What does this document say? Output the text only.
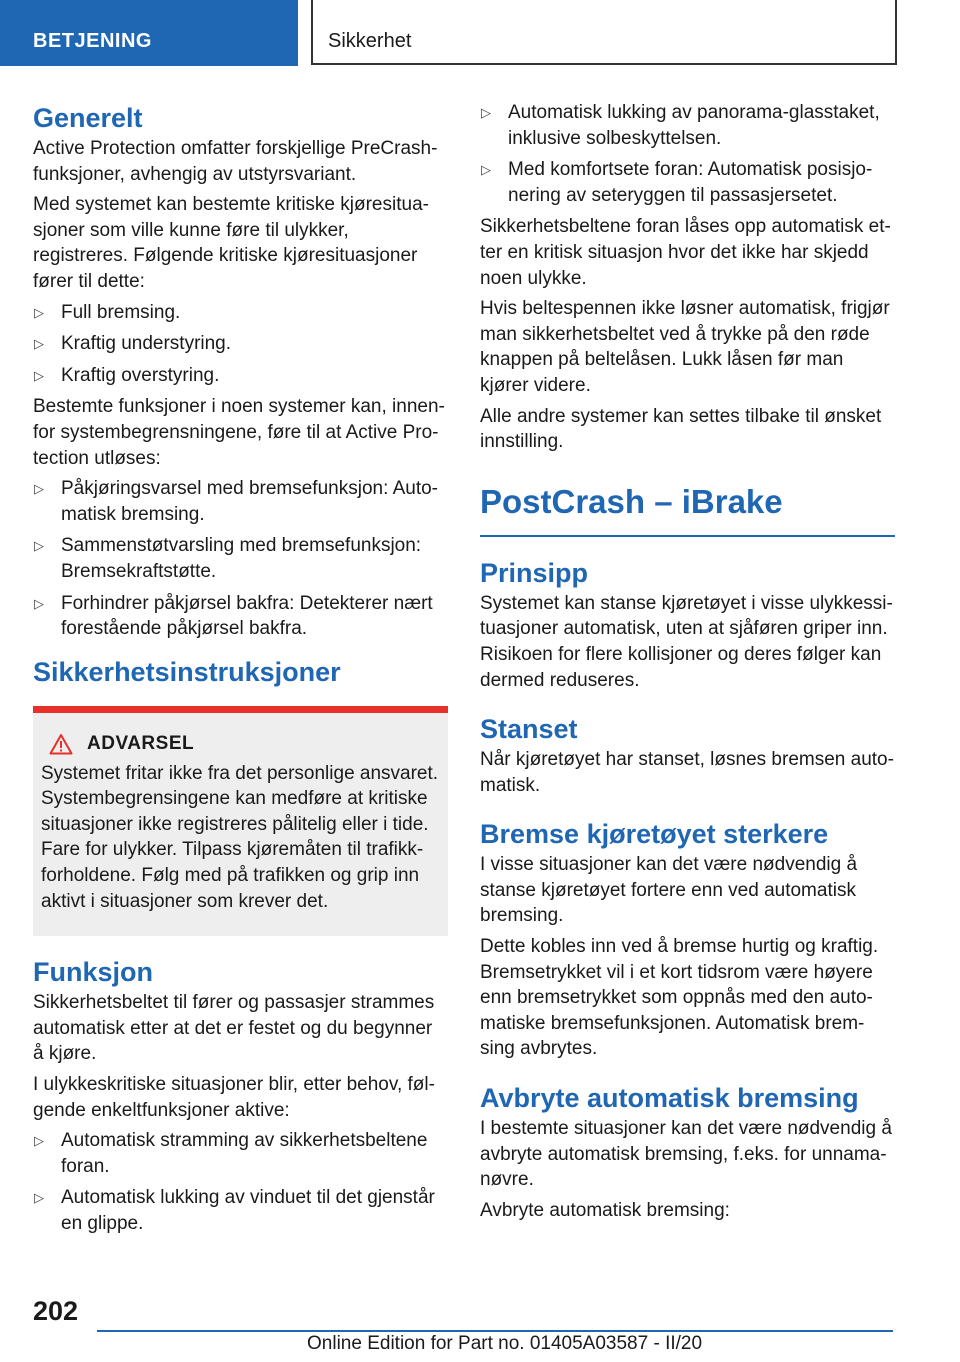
BETJENING	Sikkerhet
Generelt

Active Protection omfatter forskjellige PreCrash-funksjoner, avhengig av utstyrsvariant.

Med systemet kan bestemte kritiske kjøresitua-sjoner som ville kunne føre til ulykker, registreres. Følgende kritiske kjøresituasjoner fører til dette:

▷ Full bremsing.
▷ Kraftig understyring.
▷ Kraftig overstyring.

Bestemte funksjoner i noen systemer kan, innen-for systembegrensningene, føre til at Active Pro-tection utløses:

▷ Påkjøringsvarsel med bremsefunksjon: Auto-matisk bremsing.
▷ Sammenstøtvarsling med bremsefunksjon: Bremsekraftstøtte.
▷ Forhindrer påkjørsel bakfra: Detekterer nært forestående påkjørsel bakfra.
Sikkerhetsinstruksjoner
ADVARSEL

Systemet fritar ikke fra det personlige ansvaret. Systembegrensingene kan medføre at kritiske situasjoner ikke registreres pålitelig eller i tide. Fare for ulykker. Tilpass kjøremåten til trafikk-forholdene. Følg med på trafikken og grip inn aktivt i situasjoner som krever det.

Funksjon

Sikkerhetsbeltet til fører og passasjer strammes automatisk etter at det er festet og du begynner å kjøre.

I ulykkeskritiske situasjoner blir, etter behov, føl-gende enkeltfunksjoner aktive:

▷ Automatisk stramming av sikkerhetsbeltene foran.
▷ Automatisk lukking av vinduet til det gjenstår en glippe.
▷ Automatisk lukking av panorama-glasstaket, inklusive solbeskyttelsen.
▷ Med komfortsete foran: Automatisk posisjo-nering av seteryggen til passasjersetet.

Sikkerhetsbeltene foran låses opp automatisk et-ter en kritisk situasjon hvor det ikke har skjedd noen ulykke.

Hvis beltespennen ikke løsner automatisk, frigjør man sikkerhetsbeltet ved å trykke på den røde knappen på beltelåsen. Lukk låsen før man kjører videre.

Alle andre systemer kan settes tilbake til ønsket innstilling.

PostCrash – iBrake
Prinsipp

Systemet kan stanse kjøretøyet i visse ulykkessi-tuasjoner automatisk, uten at sjåføren griper inn. Risikoen for flere kollisjoner og deres følger kan dermed reduseres.

Stanset

Når kjøretøyet har stanset, løsnes bremsen auto-matisk.

Bremse kjøretøyet sterkere

I visse situasjoner kan det være nødvendig å stanse kjøretøyet fortere enn ved automatisk bremsing.

Dette kobles inn ved å bremse hurtig og kraftig. Bremsetrykket vil i et kort tidsrom være høyere enn bremsetrykket som oppnås med den auto-matiske bremsefunksjonen. Automatisk brem-sing avbrytes.

Avbryte automatisk bremsing

I bestemte situasjoner kan det være nødvendig å avbryte automatisk bremsing, f.eks. for unnama-nøvre.

Avbryte automatisk bremsing:

202
Online Edition for Part no. 01405A03587 - II/20
